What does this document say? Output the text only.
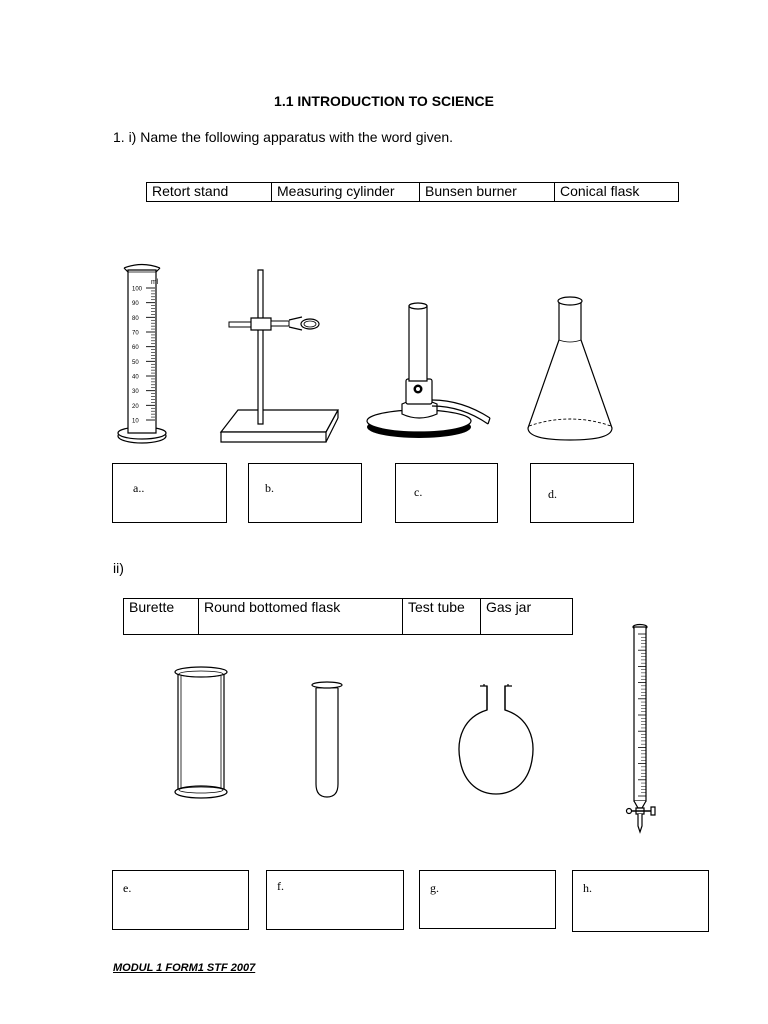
1.1 INTRODUCTION TO SCIENCE
1. i) Name the following apparatus with the word given.
Retort stand	Measuring cylinder	Bunsen burner	Conical flask
ml
100
90
80
70
60
50
40
30
20
10
a..	b.	c.	d.
ii)
Burette	Round bottomed flask	Test tube	Gas jar
e.	f.	g.	h.
MODUL 1 FORM1 STF 2007
